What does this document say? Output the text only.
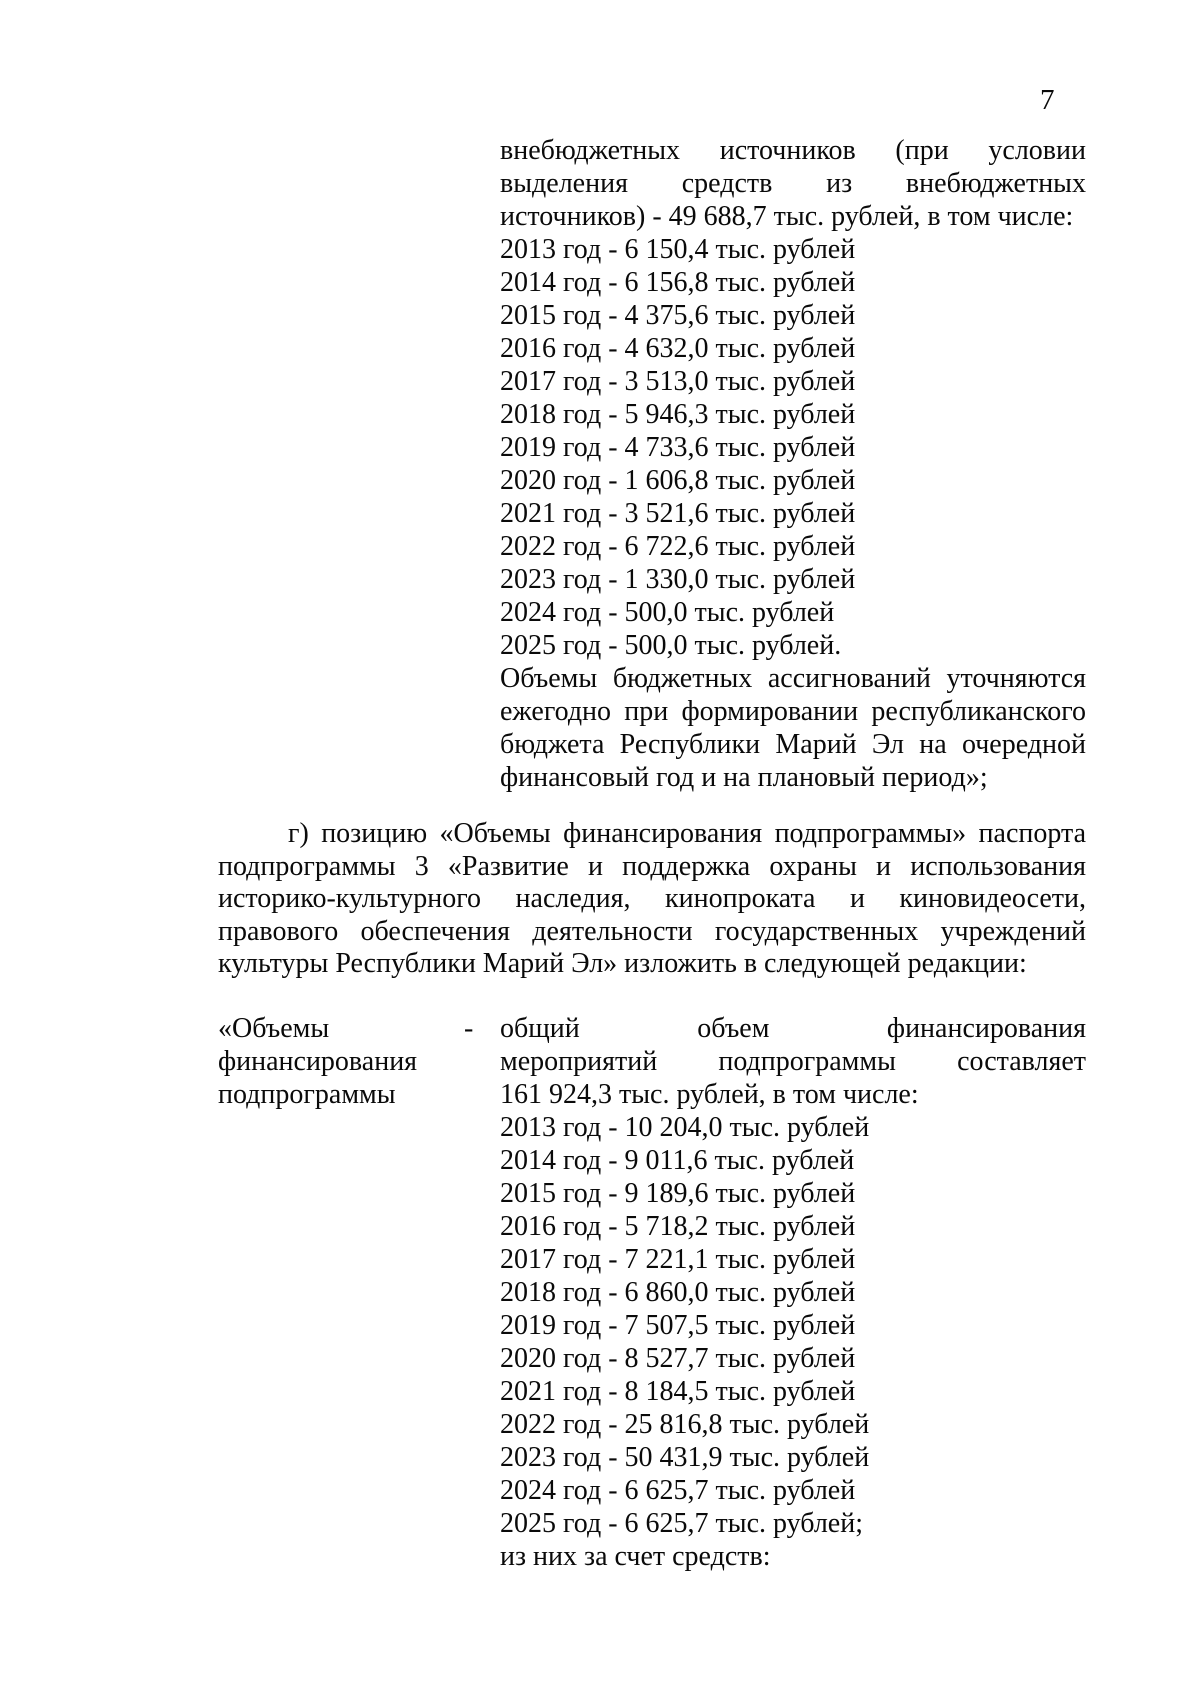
7
внебюджетных источников (при условии
выделения средств из внебюджетных
источников) - 49 688,7 тыс. рублей, в том числе:
2013 год - 6 150,4 тыс. рублей
2014 год - 6 156,8 тыс. рублей
2015 год - 4 375,6 тыс. рублей
2016 год - 4 632,0 тыс. рублей
2017 год - 3 513,0 тыс. рублей
2018 год - 5 946,3 тыс. рублей
2019 год - 4 733,6 тыс. рублей
2020 год - 1 606,8 тыс. рублей
2021 год - 3 521,6 тыс. рублей
2022 год - 6 722,6 тыс. рублей
2023 год - 1 330,0 тыс. рублей
2024 год - 500,0 тыс. рублей
2025 год - 500,0 тыс. рублей.
Объемы бюджетных ассигнований уточняются
ежегодно при формировании республиканского
бюджета Республики Марий Эл на очередной
финансовый год и на плановый период»;
г) позицию «Объемы финансирования подпрограммы» паспорта
подпрограммы 3 «Развитие и поддержка охраны и использования
историко-культурного наследия, кинопроката и киновидеосети,
правового обеспечения деятельности государственных учреждений
культуры Республики Марий Эл» изложить в следующей редакции:
«Объемы
финансирования
подпрограммы
- общий объем финансирования
мероприятий подпрограммы составляет
161 924,3 тыс. рублей, в том числе:
2013 год - 10 204,0 тыс. рублей
2014 год - 9 011,6 тыс. рублей
2015 год - 9 189,6 тыс. рублей
2016 год - 5 718,2 тыс. рублей
2017 год - 7 221,1 тыс. рублей
2018 год - 6 860,0 тыс. рублей
2019 год - 7 507,5 тыс. рублей
2020 год - 8 527,7 тыс. рублей
2021 год - 8 184,5 тыс. рублей
2022 год - 25 816,8 тыс. рублей
2023 год - 50 431,9 тыс. рублей
2024 год - 6 625,7 тыс. рублей
2025 год - 6 625,7 тыс. рублей;
из них за счет средств:
